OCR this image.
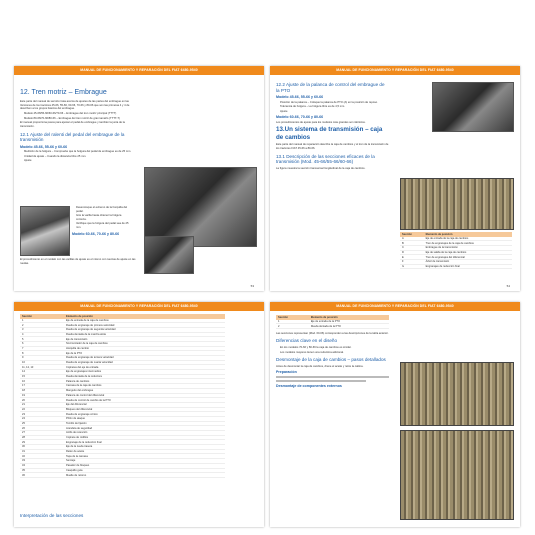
MANUAL DE FUNCIONAMIENTO Y REPARACIÓN DEL FIAT 6480-9540
12. Tren motriz – Embrague
Este parte del manual de servicio trata acerca de ajustes de las partes del embrague en las Versiones de los tractores 45-66, 55-66, 60-66, 70-66 y 80-66 que son las primeras 4 y 4 de describen a los grupos básicos del embrague.
Modelo 45-66/55-66/60-66/70-66 – Embrague del tren motriz principal (TTTT)
Modelo 80-66/70-66/80-66 – Embrague del tren motriz de gran tamaño (TTTT-T)
El manual proporciona pasos para ajustar el pedal de embrague y también la junta de la transmisión.
12.1 Ajuste del ralenti del pedal del embrague de la transmisión
Modelo 45-66, 55-66 y 60-66
Medición de la holgura – Compruebe que la holgura del pedal de embrague es de 25 mm.
Unidad de ajuste – Cuando la distancia libre 25 mm.
Ajuste
Desenrosque el extremo de la horquilla del pedal.
Gire la varilla hasta obtener la holgura correcta.
Verifique que la holgura del pedal sea de 25 mm.
Modelo 60-66, 70-66 y 80-66
El procedimiento en el modelo con las varillas de ajuste es el mismo con tuercas de ajuste en las ruedas.
53
MANUAL DE FUNCIONAMIENTO Y REPARACIÓN DEL FIAT 6480-9540
12.2 Ajuste de la palanca de control del embrague de la PTO
Modelo 45-66, 55-66 y 60-66
Posición de la palanca – Coloque la palanca de PTO (A) en la posición de reposo.
Tolerancia de holgura – La holgura libre es de 4,5 mm.
Ajuste
Modelo 60-66, 70-66 y 80-66
Los procedimientos de ajuste para los modelos más grandes son idénticos.
13.Un sistema de transmisión – caja de cambios
Este parte del manual de reparación describe la caja de cambios y el tren de la transmisión de los tractores FIAT 45-66 a 80-66.
13.1 Descripción de las secciones eficaces de la transmisión (Mod. 45-66/55-66/60-66)
La figura muestra la sección transversal longitudinal de la caja de cambios.
Sección	Elemento de posición
A	Eje de entrada de la caja de cambios
B	Tren de engranajes de la caja de cambios
C	Embrague de la transmisión
D	Eje de salida de la caja de cambios
E	Tren de engranajes del diferencial
F	Árbol de transmisión
G	Engranajes de reducción final
54
MANUAL DE FUNCIONAMIENTO Y REPARACIÓN DEL FIAT 6480-9540
Sección	Elemento de posición
1	Eje de entrada de la caja de cambios
2	Rueda de engranaje de primera velocidad
3	Rueda de engranaje de segunda velocidad
4	Rueda dentada de la marcha atrás
5	Eje de transmisión
6	Sincronizador de la caja de cambios
7	Horquilla de cambio
8	Eje de la PTO
9	Rueda de engranaje de tercera velocidad
10	Rueda de engranaje de cuarta velocidad
11, 12, 13	Cojinetes del eje de entrada
14	Eje de engranajes intermedios
15	Rueda dentada de la reductora
16	Palanca de cambios
17	Carcasa de la caja de cambios
18	Manguito del embrague
19	Palanca de control del diferencial
20	Rueda de control de cambio de la PTO
21	Eje del diferencial
22	Bloqueo del diferencial
23	Rueda de engranaje cónico
24	Piñón de ataque
25	Tornillo de fijación
26	Arandela de seguridad
27	Anillo de retención
28	Cojinete de rodillos
29	Engranaje de la reducción final
30	Eje de la rueda trasera
31	Retén de aceite
32	Tapa de la carcasa
33	Semieje
34	Pasador de bloqueo
35	Casquillo guía
36	Muelle de retorno
Interpretación de las secciones
MANUAL DE FUNCIONAMIENTO Y REPARACIÓN DEL FIAT 6480-9540
Sección	Elemento de posición
1	Eje de entrada de la PTO
2	Rueda dentada de la PTO
Las secciones representan (Mod. 60-66) corresponden a las descripciones de la tabla anterior.
Diferencias clave en el diseño
En los modelos 70-66 y 80-66 la caja de cambios es similar.
Los modelos mayores tienen una reductora adicional.
Desmontaje de la caja de cambios – pasos detallados
Antes de desmontar la caja de cambios, drene el aceite y retire la cabina.
Preparación
Desmontaje de componentes externos
